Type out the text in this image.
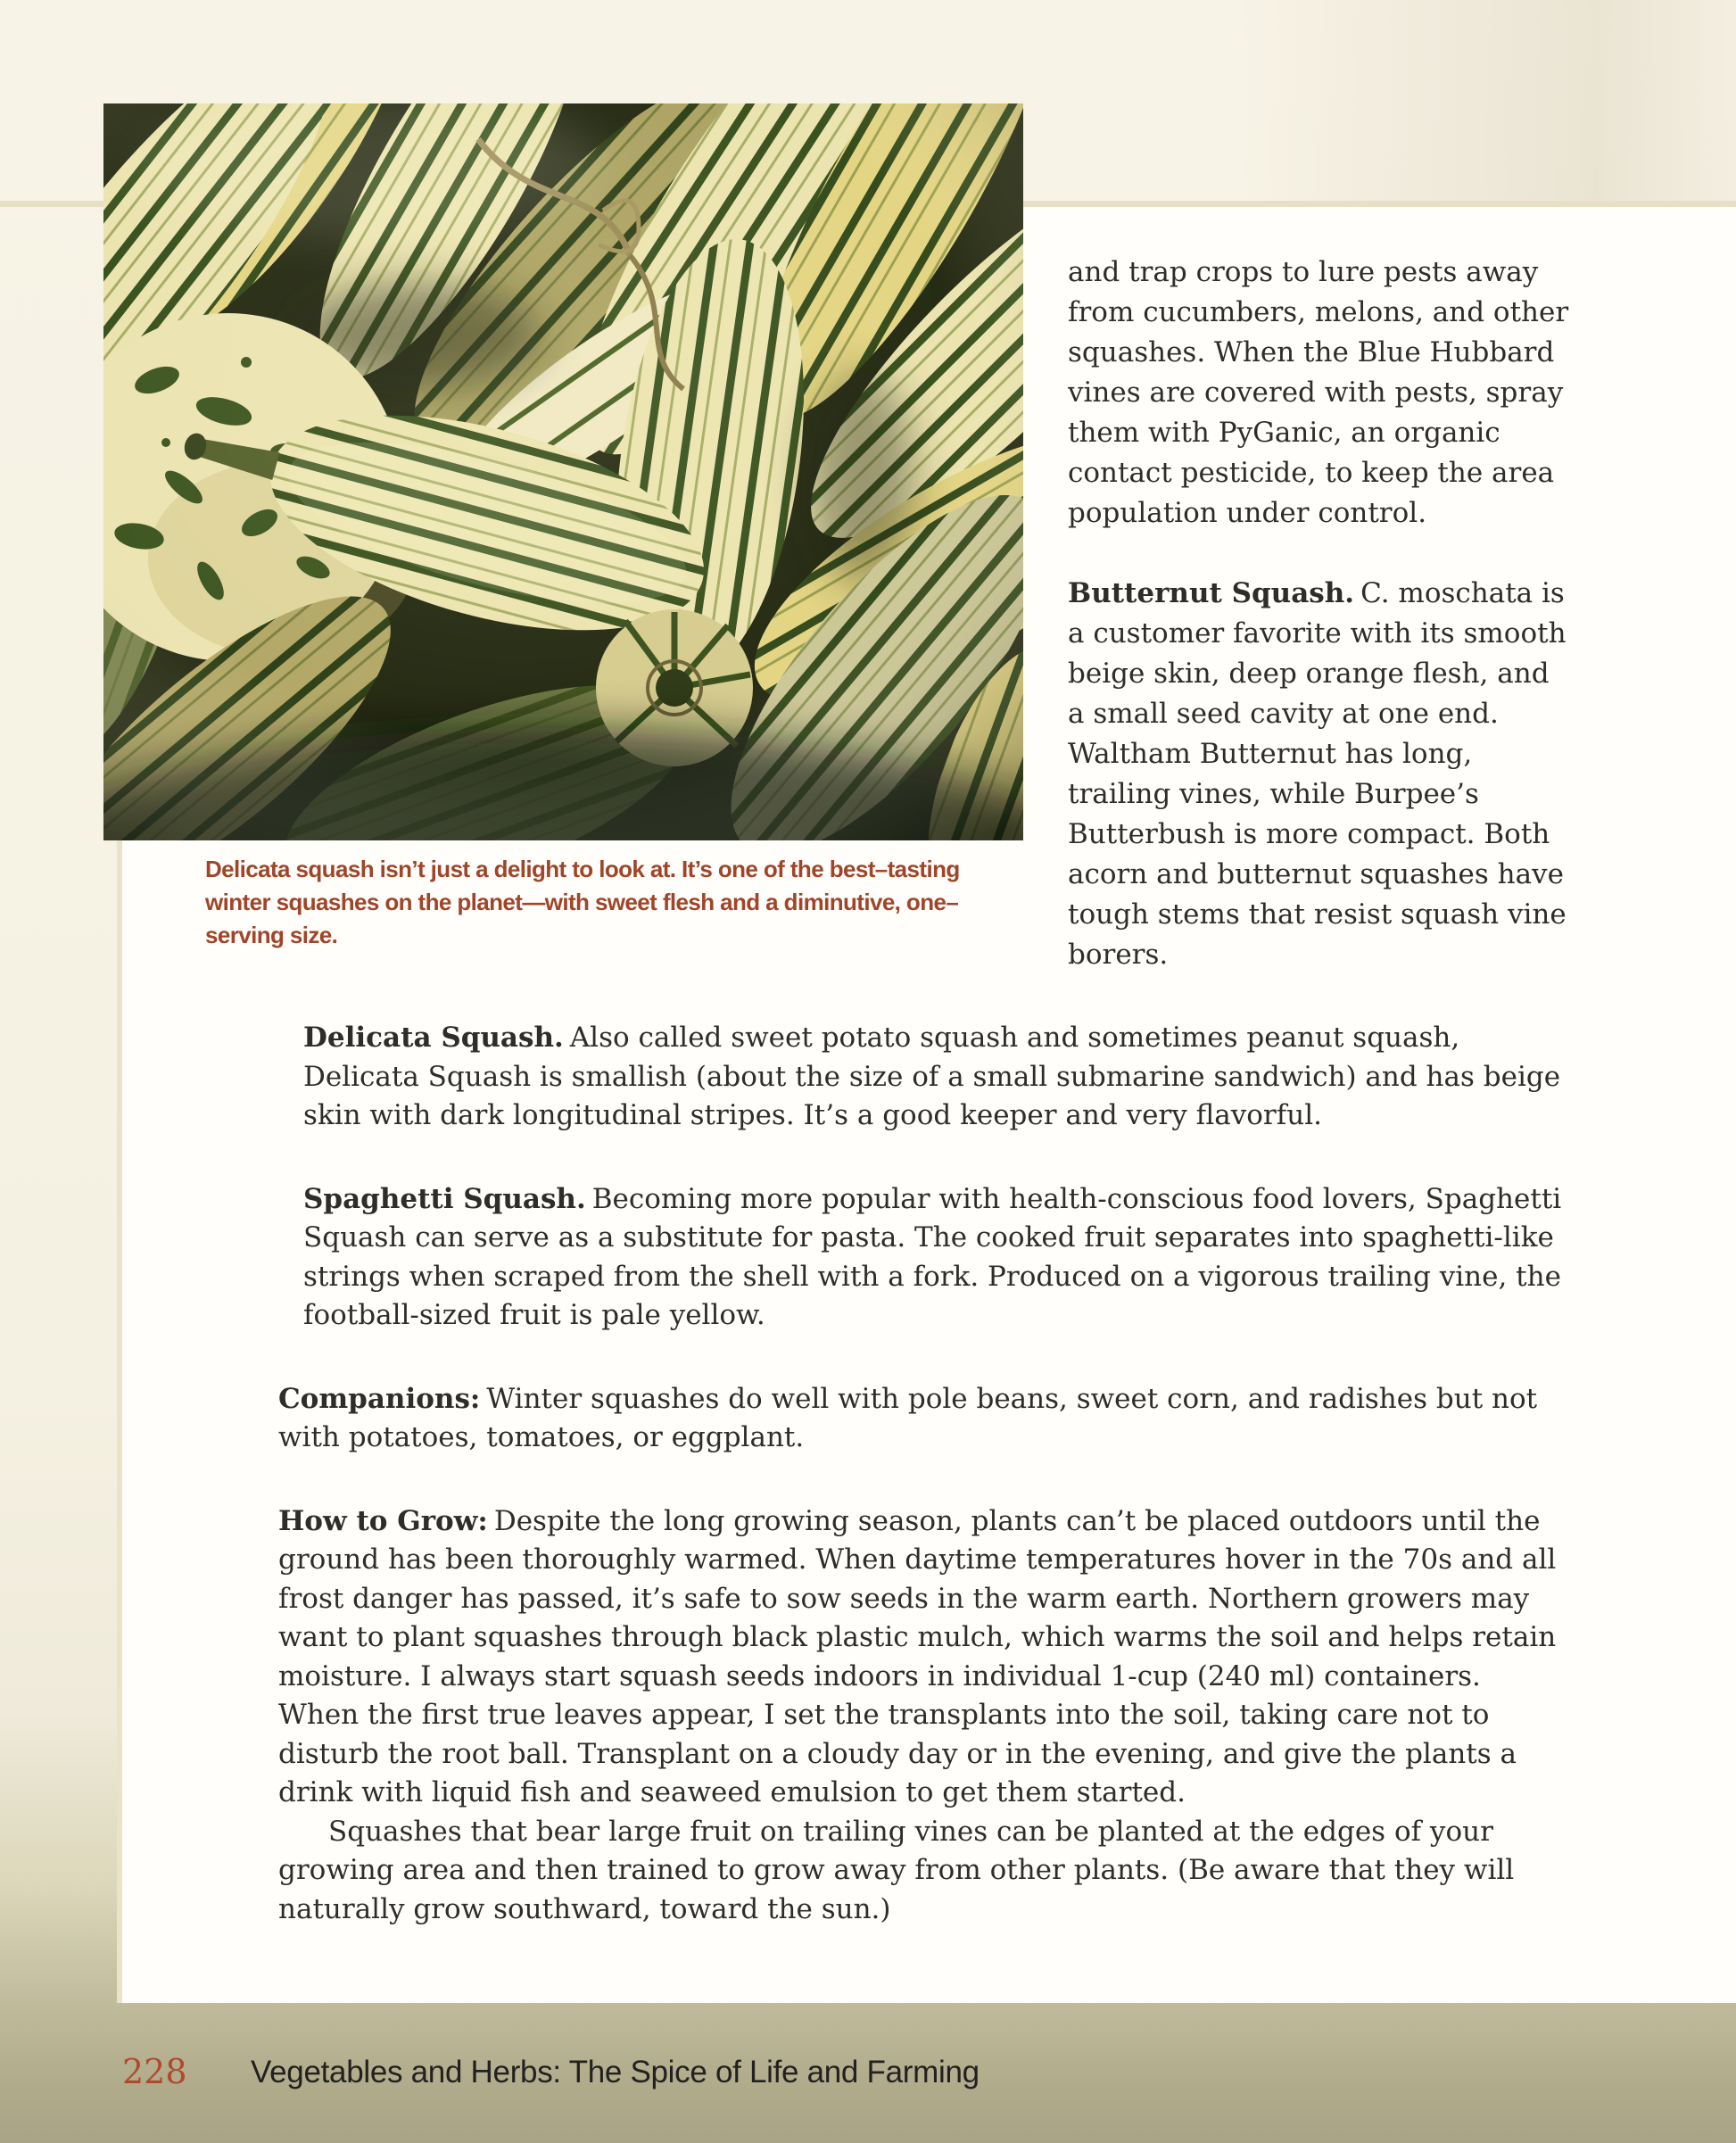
Delicata squash isn’t just a delight to look at. It’s one of the best–tasting
winter squashes on the planet—with sweet flesh and a diminutive, one–
serving size.

and trap crops to lure pests away from cucumbers, melons, and other squashes. When the Blue Hubbard vines are covered with pests, spray them with PyGanic, an organic contact pesticide, to keep the area population under control.

Butternut Squash. C. moschata is a customer favorite with its smooth beige skin, deep orange flesh, and a small seed cavity at one end. Waltham Butternut has long, trailing vines, while Burpee’s Butterbush is more compact. Both acorn and butternut squashes have tough stems that resist squash vine borers.

Delicata Squash. Also called sweet potato squash and sometimes peanut squash, Delicata Squash is smallish (about the size of a small submarine sandwich) and has beige skin with dark longitudinal stripes. It’s a good keeper and very flavorful.

Spaghetti Squash. Becoming more popular with health-conscious food lovers, Spaghetti Squash can serve as a substitute for pasta. The cooked fruit separates into spaghetti-like strings when scraped from the shell with a fork. Produced on a vigorous trailing vine, the football-sized fruit is pale yellow.

Companions: Winter squashes do well with pole beans, sweet corn, and radishes but not with potatoes, tomatoes, or eggplant.

How to Grow: Despite the long growing season, plants can’t be placed outdoors until the ground has been thoroughly warmed. When daytime temperatures hover in the 70s and all frost danger has passed, it’s safe to sow seeds in the warm earth. Northern growers may want to plant squashes through black plastic mulch, which warms the soil and helps retain moisture. I always start squash seeds indoors in individual 1-cup (240 ml) containers. When the first true leaves appear, I set the transplants into the soil, taking care not to disturb the root ball. Transplant on a cloudy day or in the evening, and give the plants a drink with liquid fish and seaweed emulsion to get them started.

Squashes that bear large fruit on trailing vines can be planted at the edges of your growing area and then trained to grow away from other plants. (Be aware that they will naturally grow southward, toward the sun.)

228 Vegetables and Herbs: The Spice of Life and Farming
